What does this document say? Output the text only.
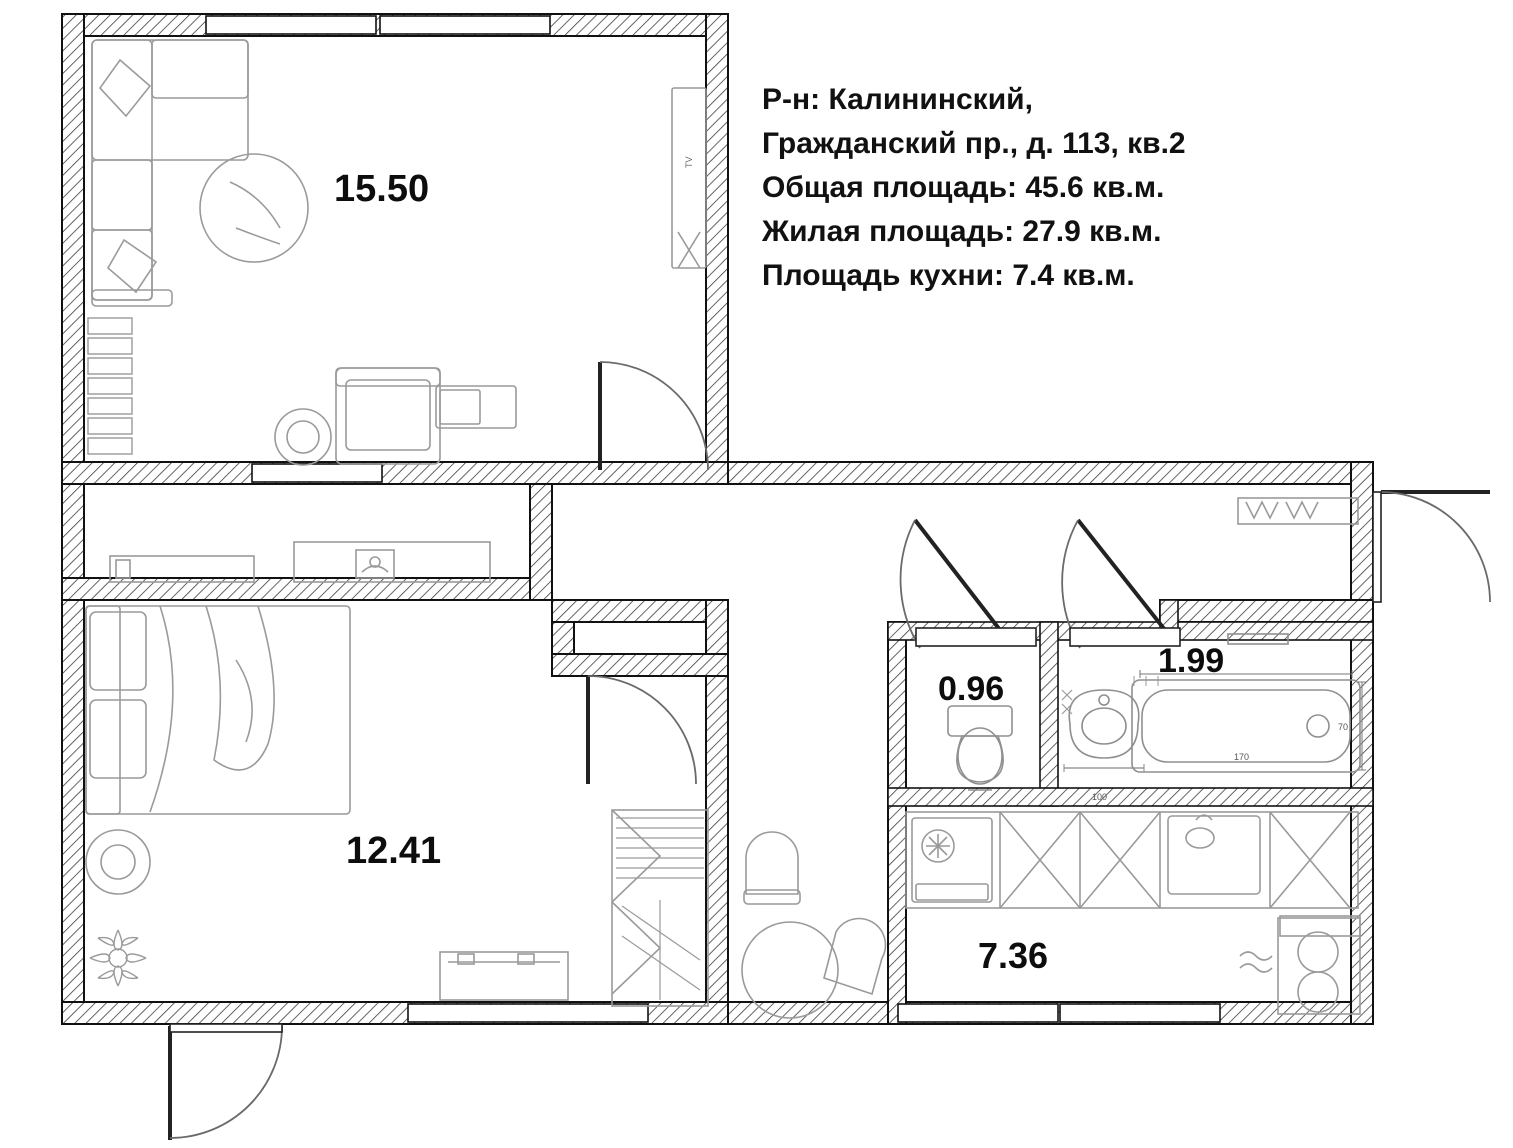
Р-н: Калининский,
Гражданский пр., д. 113, кв.2
Общая площадь: 45.6 кв.м.
Жилая площадь: 27.9 кв.м.
Площадь кухни: 7.4 кв.м.
15.50
12.41
0.96
1.99
7.36
TV
170
70
100
